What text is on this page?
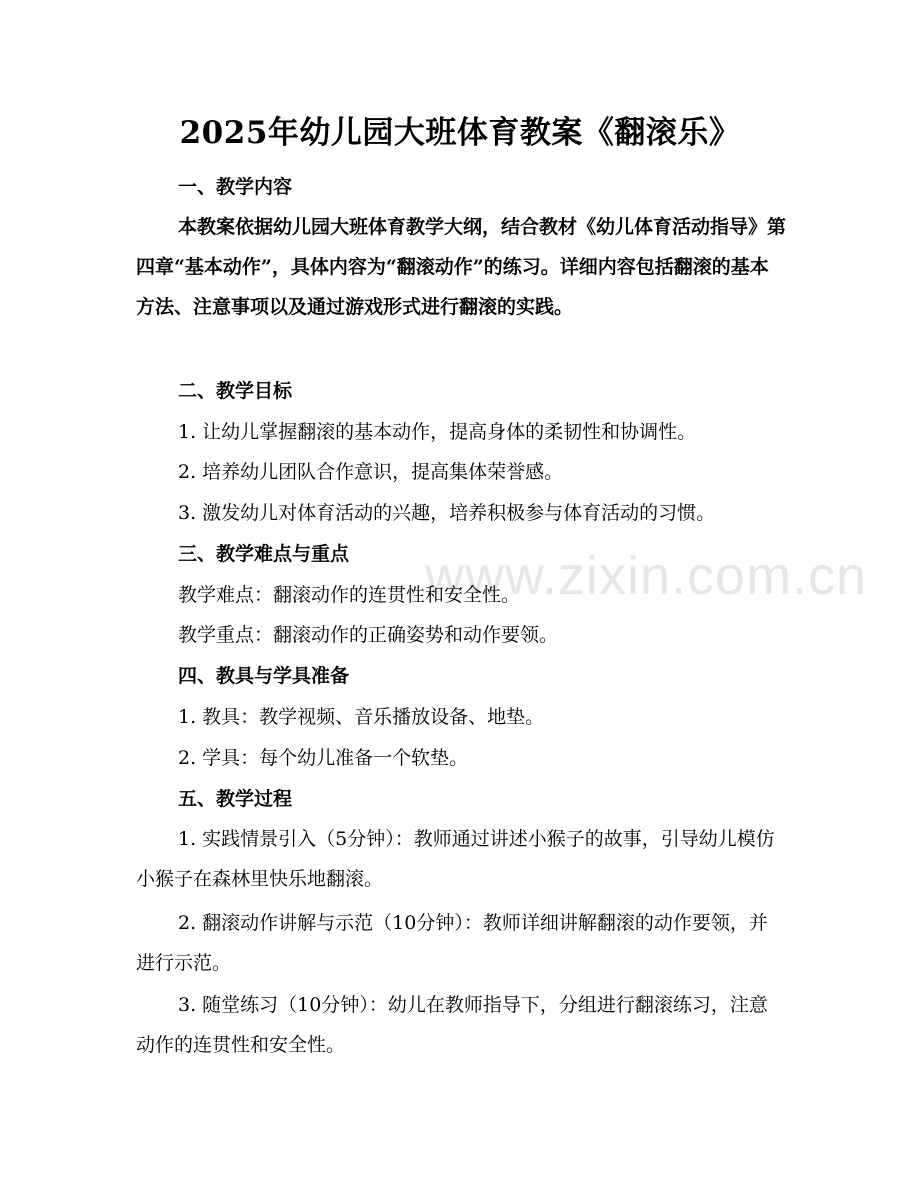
www.zixin.com.cn
2025年幼儿园大班体育教案《翻滚乐》
一、教学内容
本教案依据幼儿园大班体育教学大纲，结合教材《幼儿体育活动指导》第四章“基本动作”，具体内容为“翻滚动作”的练习。详细内容包括翻滚的基本方法、注意事项以及通过游戏形式进行翻滚的实践。
二、教学目标
1. 让幼儿掌握翻滚的基本动作，提高身体的柔韧性和协调性。
2. 培养幼儿团队合作意识，提高集体荣誉感。
3. 激发幼儿对体育活动的兴趣，培养积极参与体育活动的习惯。
三、教学难点与重点
教学难点：翻滚动作的连贯性和安全性。
教学重点：翻滚动作的正确姿势和动作要领。
四、教具与学具准备
1. 教具：教学视频、音乐播放设备、地垫。
2. 学具：每个幼儿准备一个软垫。
五、教学过程
1. 实践情景引入（5分钟）：教师通过讲述小猴子的故事，引导幼儿模仿小猴子在森林里快乐地翻滚。
2. 翻滚动作讲解与示范（10分钟）：教师详细讲解翻滚的动作要领，并进行示范。
3. 随堂练习（10分钟）：幼儿在教师指导下，分组进行翻滚练习，注意动作的连贯性和安全性。
